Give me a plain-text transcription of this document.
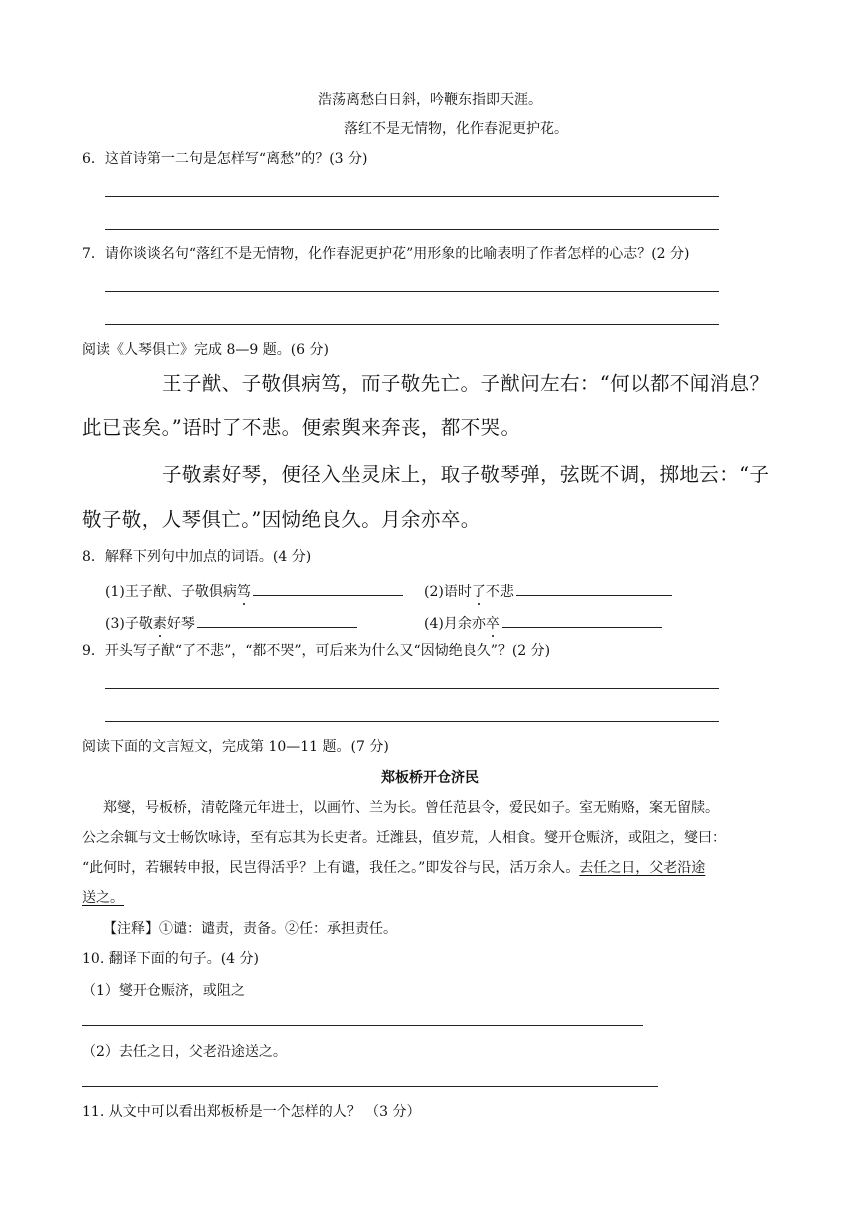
浩荡离愁白日斜，吟鞭东指即天涯。
落红不是无情物，化作春泥更护花。
6．这首诗第一二句是怎样写“离愁”的？(3 分)
7．请你谈谈名句“落红不是无情物，化作春泥更护花”用形象的比喻表明了作者怎样的心志？(2 分)
阅读《人琴俱亡》完成 8—9 题。(6 分)
王子猷、子敬俱病笃，而子敬先亡。子猷问左右：“何以都不闻消息？
此已丧矣。”语时了不悲。便索舆来奔丧，都不哭。
子敬素好琴，便径入坐灵床上，取子敬琴弹，弦既不调，掷地云：“子
敬子敬，人琴俱亡。”因恸绝良久。月余亦卒。
8．解释下列句中加点的词语。(4 分)
(1)王子猷、子敬俱病笃	(2)语时了不悲
(3)子敬素好琴	(4)月余亦卒
9．开头写子猷“了不悲”，“都不哭”，可后来为什么又“因恸绝良久”？(2 分)
阅读下面的文言短文，完成第 10—11 题。(7 分)
郑板桥开仓济民
郑燮，号板桥，清乾隆元年进士，以画竹、兰为长。曾任范县令，爱民如子。室无贿赂，案无留牍。
公之余辄与文士畅饮咏诗，至有忘其为长吏者。迁潍县，值岁荒，人相食。燮开仓赈济，或阻之，燮曰：
“此何时，若辗转申报，民岂得活乎？上有谴，我任之。”即发谷与民，活万余人。去任之日，父老沿途
送之。
【注释】①谴：谴责，责备。②任：承担责任。
10. 翻译下面的句子。(4 分)
（1）燮开仓赈济，或阻之
（2）去任之日，父老沿途送之。
11. 从文中可以看出郑板桥是一个怎样的人？ （3 分）
